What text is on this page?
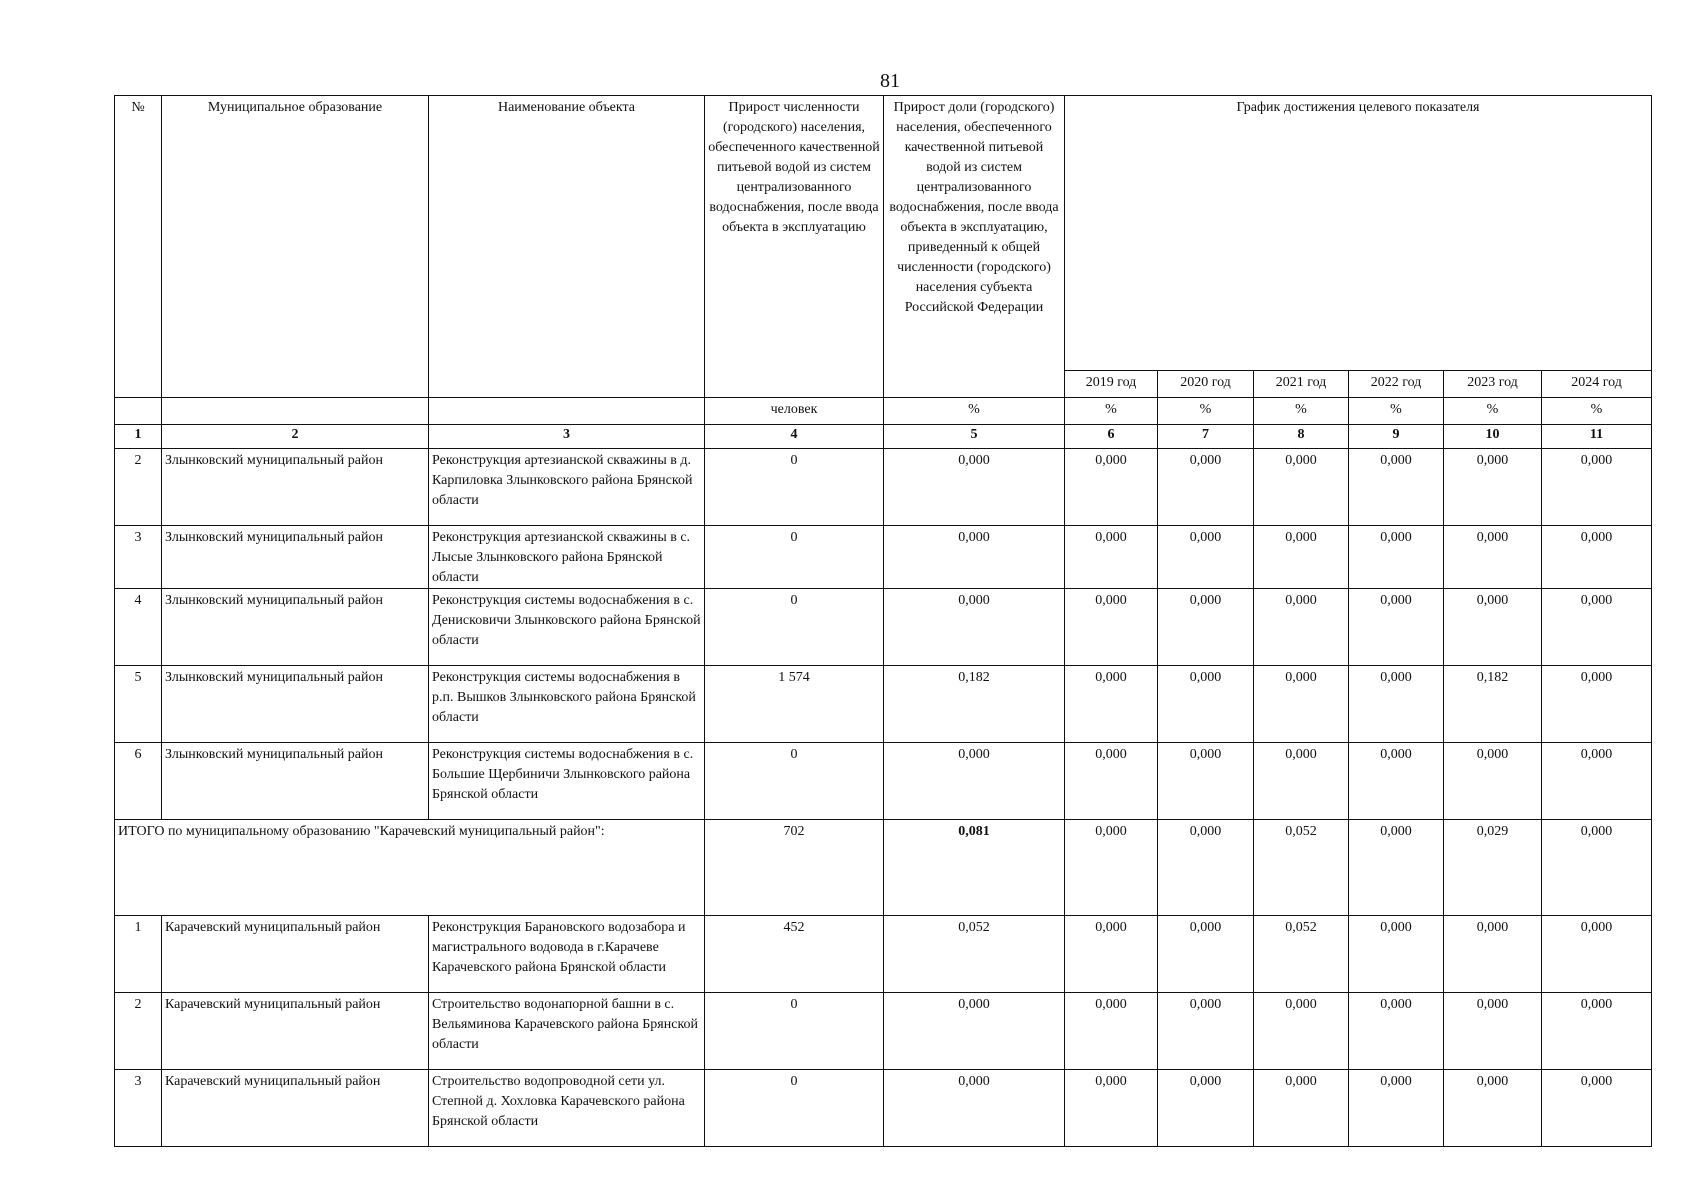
81
№	Муниципальное образование	Наименование объекта	Прирост численности (городского) населения, обеспеченного качественной питьевой водой из систем централизованного водоснабжения, после ввода объекта в эксплуатацию	Прирост доли (городского) населения, обеспеченного качественной питьевой водой из систем централизованного водоснабжения, после ввода объекта в эксплуатацию, приведенный к общей численности (городского) населения субъекта Российской Федерации	График достижения целевого показателя					
					2019 год	2020 год	2021 год	2022 год	2023 год	2024 год
			человек	%	%	%	%	%	%	%
1	2	3	4	5	6	7	8	9	10	11
2	Злынковский муниципальный район	Реконструкция артезианской скважины в д. Карпиловка Злынковского района Брянской области	0	0,000	0,000	0,000	0,000	0,000	0,000	0,000
3	Злынковский муниципальный район	Реконструкция артезианской скважины в с. Лысые Злынковского района Брянской области	0	0,000	0,000	0,000	0,000	0,000	0,000	0,000
4	Злынковский муниципальный район	Реконструкция системы водоснабжения в с. Денисковичи Злынковского района Брянской области	0	0,000	0,000	0,000	0,000	0,000	0,000	0,000
5	Злынковский муниципальный район	Реконструкция системы водоснабжения в р.п. Вышков Злынковского района Брянской области	1 574	0,182	0,000	0,000	0,000	0,000	0,182	0,000
6	Злынковский муниципальный район	Реконструкция системы водоснабжения в с. Большие Щербиничи Злынковского района Брянской области	0	0,000	0,000	0,000	0,000	0,000	0,000	0,000
ИТОГО по муниципальному образованию "Карачевский муниципальный район":			702	0,081	0,000	0,000	0,052	0,000	0,029	0,000
1	Карачевский муниципальный район	Реконструкция Барановского водозабора и магистрального водовода в г.Карачеве Карачевского района Брянской области	452	0,052	0,000	0,000	0,052	0,000	0,000	0,000
2	Карачевский муниципальный район	Строительство водонапорной башни в с. Вельяминова Карачевского района Брянской области	0	0,000	0,000	0,000	0,000	0,000	0,000	0,000
3	Карачевский муниципальный район	Строительство водопроводной сети ул. Степной д. Хохловка Карачевского района Брянской области	0	0,000	0,000	0,000	0,000	0,000	0,000	0,000
